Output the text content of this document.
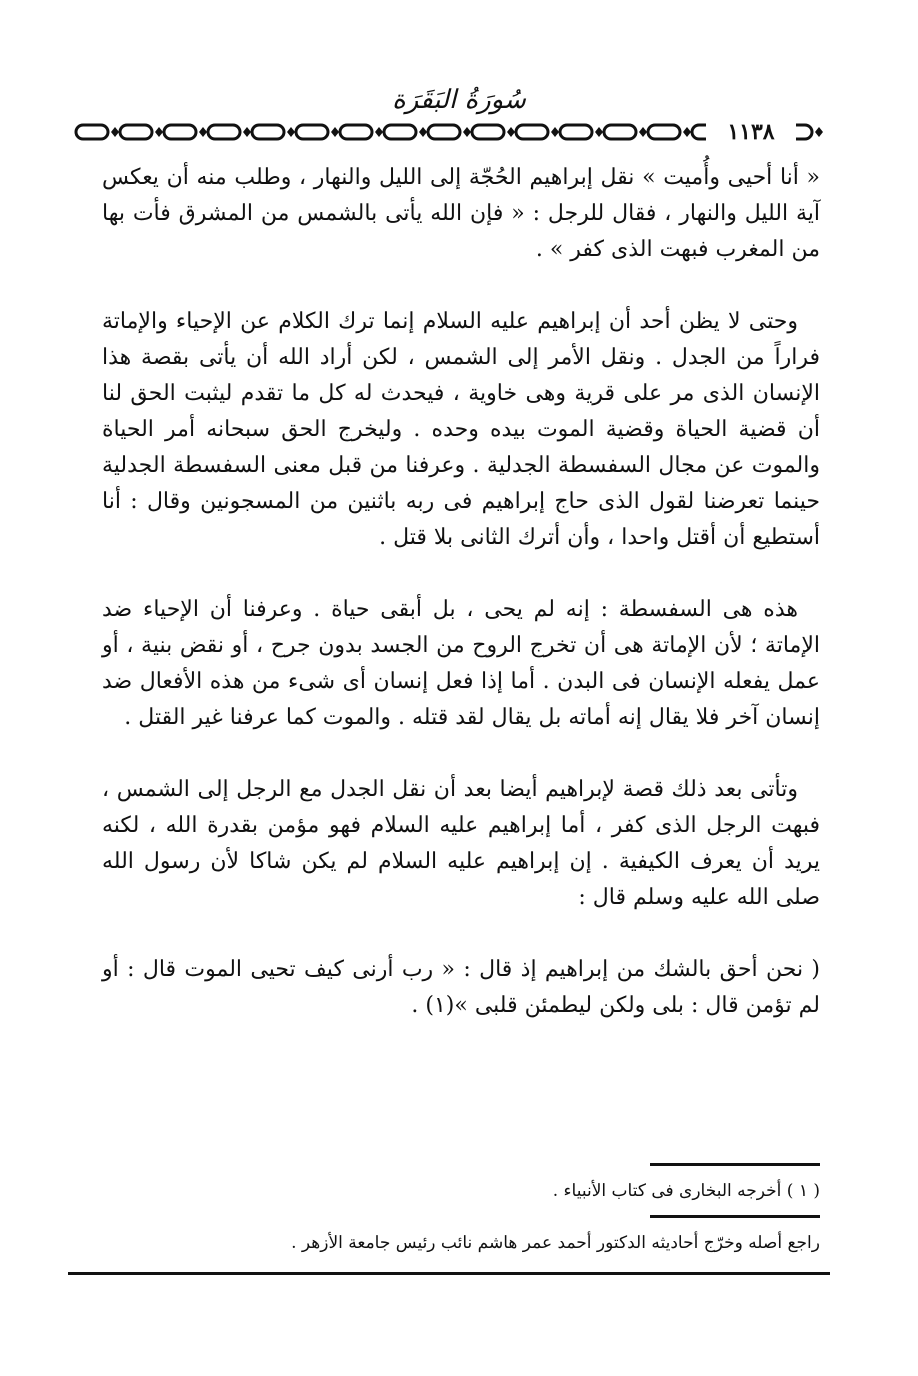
سُورَةُ البَقَرَة
١١٣٨

« أنا أحيى وأُميت » نقل إبراهيم الحُجّة إلى الليل والنهار ، وطلب منه أن يعكس آية الليل والنهار ، فقال للرجل : « فإن الله يأتى بالشمس من المشرق فأت بها من المغرب فبهت الذى كفر » .

وحتى لا يظن أحد أن إبراهيم عليه السلام إنما ترك الكلام عن الإحياء والإماتة فراراً من الجدل . ونقل الأمر إلى الشمس ، لكن أراد الله أن يأتى بقصة هذا الإنسان الذى مر على قرية وهى خاوية ، فيحدث له كل ما تقدم ليثبت الحق لنا أن قضية الحياة وقضية الموت بيده وحده . وليخرج الحق سبحانه أمر الحياة والموت عن مجال السفسطة الجدلية . وعرفنا من قبل معنى السفسطة الجدلية حينما تعرضنا لقول الذى حاج إبراهيم فى ربه باثنين من المسجونين وقال : أنا أستطيع أن أقتل واحدا ، وأن أترك الثانى بلا قتل .

هذه هى السفسطة : إنه لم يحى ، بل أبقى حياة . وعرفنا أن الإحياء ضد الإماتة ؛ لأن الإماتة هى أن تخرج الروح من الجسد بدون جرح ، أو نقض بنية ، أو عمل يفعله الإنسان فى البدن . أما إذا فعل إنسان أى شىء من هذه الأفعال ضد إنسان آخر فلا يقال إنه أماته بل يقال لقد قتله . والموت كما عرفنا غير القتل .

وتأتى بعد ذلك قصة لإبراهيم أيضا بعد أن نقل الجدل مع الرجل إلى الشمس ، فبهت الرجل الذى كفر ، أما إبراهيم عليه السلام فهو مؤمن بقدرة الله ، لكنه يريد أن يعرف الكيفية . إن إبراهيم عليه السلام لم يكن شاكا لأن رسول الله صلى الله عليه وسلم قال :

( نحن أحق بالشك من إبراهيم إذ قال : « رب أرنى كيف تحيى الموت قال : أو لم تؤمن قال : بلى ولكن ليطمئن قلبى »(١) .

( ١ ) أخرجه البخارى فى كتاب الأنبياء .
راجع أصله وخرّج أحاديثه الدكتور أحمد عمر هاشم نائب رئيس جامعة الأزهر .
